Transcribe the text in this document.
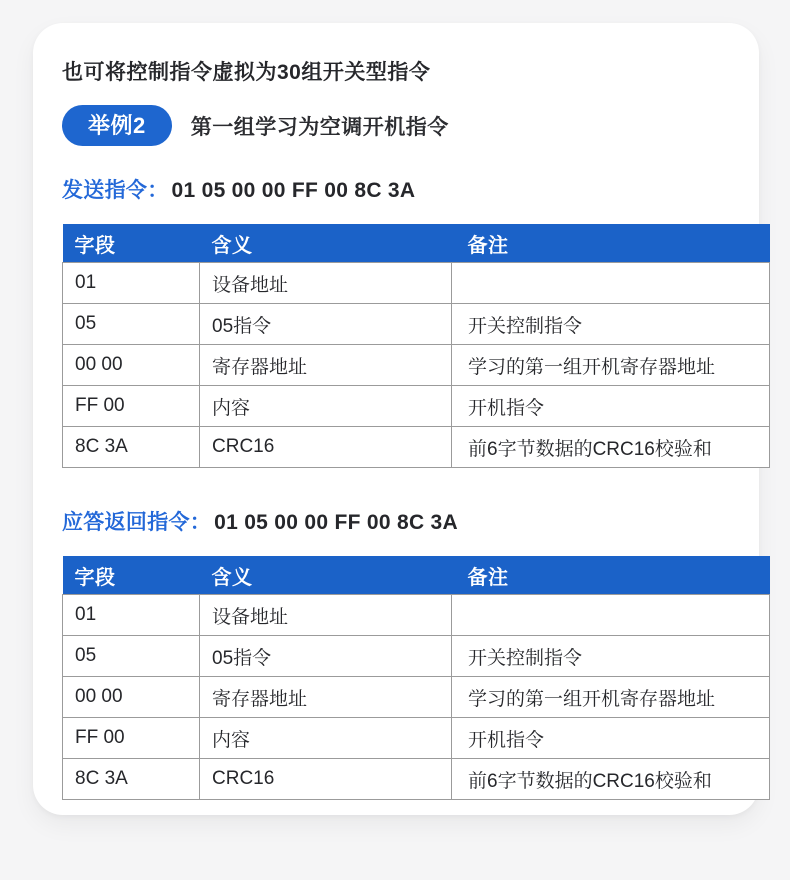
也可将控制指令虚拟为30组开关型指令

举例2	第一组学习为空调开机指令
发送指令： 01 05 00 00 FF 00 8C 3A
字段	含义	备注
01	设备地址	
05	05指令	开关控制指令
00 00	寄存器地址	学习的第一组开机寄存器地址
FF 00	内容	开机指令
8C 3A	CRC16	前6字节数据的CRC16校验和
应答返回指令： 01 05 00 00 FF 00 8C 3A
字段	含义	备注
01	设备地址	
05	05指令	开关控制指令
00 00	寄存器地址	学习的第一组开机寄存器地址
FF 00	内容	开机指令
8C 3A	CRC16	前6字节数据的CRC16校验和
